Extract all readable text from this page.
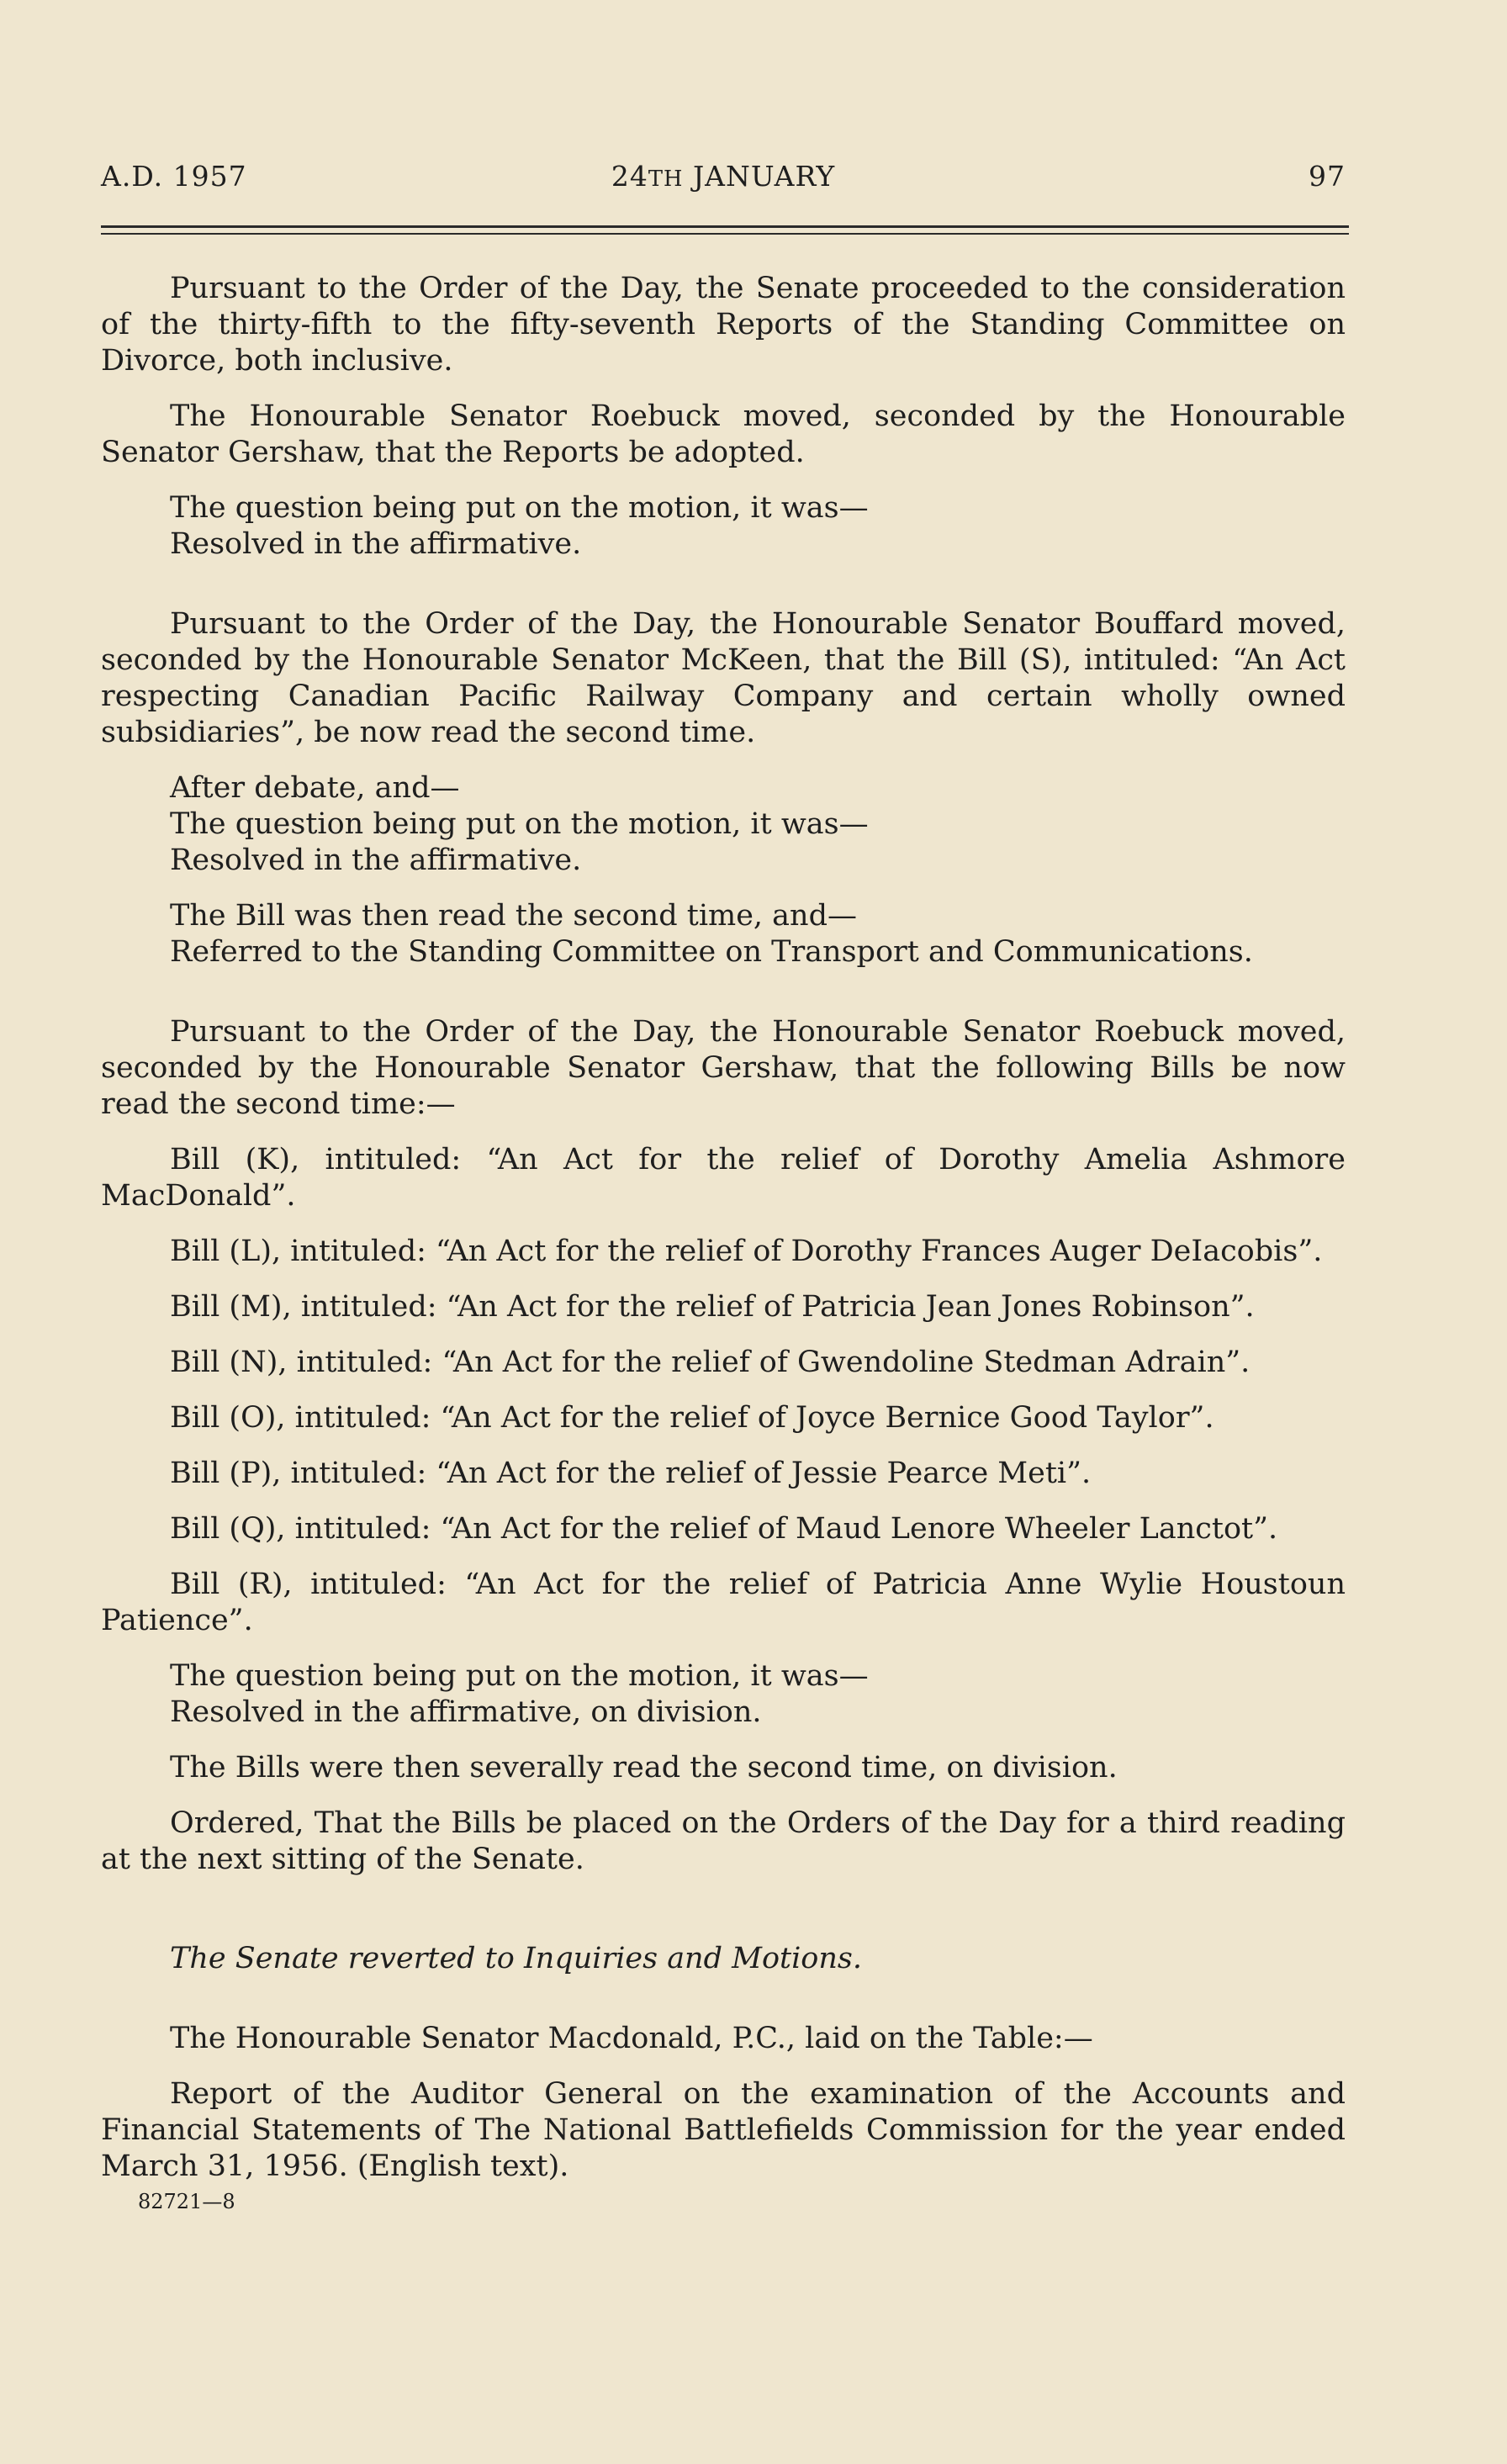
A.D. 1957	24TH JANUARY	97

Pursuant to the Order of the Day, the Senate proceeded to the consideration of the thirty-fifth to the fifty-seventh Reports of the Standing Committee on Divorce, both inclusive.

The Honourable Senator Roebuck moved, seconded by the Honourable Senator Gershaw, that the Reports be adopted.

The question being put on the motion, it was—

Resolved in the affirmative.

Pursuant to the Order of the Day, the Honourable Senator Bouffard moved, seconded by the Honourable Senator McKeen, that the Bill (S), intituled: “An Act respecting Canadian Pacific Railway Company and certain wholly owned subsidiaries”, be now read the second time.

After debate, and—

The question being put on the motion, it was—

Resolved in the affirmative.

The Bill was then read the second time, and—

Referred to the Standing Committee on Transport and Communications.

Pursuant to the Order of the Day, the Honourable Senator Roebuck moved, seconded by the Honourable Senator Gershaw, that the following Bills be now read the second time:—

Bill (K), intituled: “An Act for the relief of Dorothy Amelia Ashmore MacDonald”.

Bill (L), intituled: “An Act for the relief of Dorothy Frances Auger DeIacobis”.

Bill (M), intituled: “An Act for the relief of Patricia Jean Jones Robinson”.

Bill (N), intituled: “An Act for the relief of Gwendoline Stedman Adrain”.

Bill (O), intituled: “An Act for the relief of Joyce Bernice Good Taylor”.

Bill (P), intituled: “An Act for the relief of Jessie Pearce Meti”.

Bill (Q), intituled: “An Act for the relief of Maud Lenore Wheeler Lanctot”.

Bill (R), intituled: “An Act for the relief of Patricia Anne Wylie Houstoun Patience”.

The question being put on the motion, it was—

Resolved in the affirmative, on division.

The Bills were then severally read the second time, on division.

Ordered, That the Bills be placed on the Orders of the Day for a third reading at the next sitting of the Senate.

The Senate reverted to Inquiries and Motions.

The Honourable Senator Macdonald, P.C., laid on the Table:—

Report of the Auditor General on the examination of the Accounts and Financial Statements of The National Battlefields Commission for the year ended March 31, 1956. (English text).

82721—8
